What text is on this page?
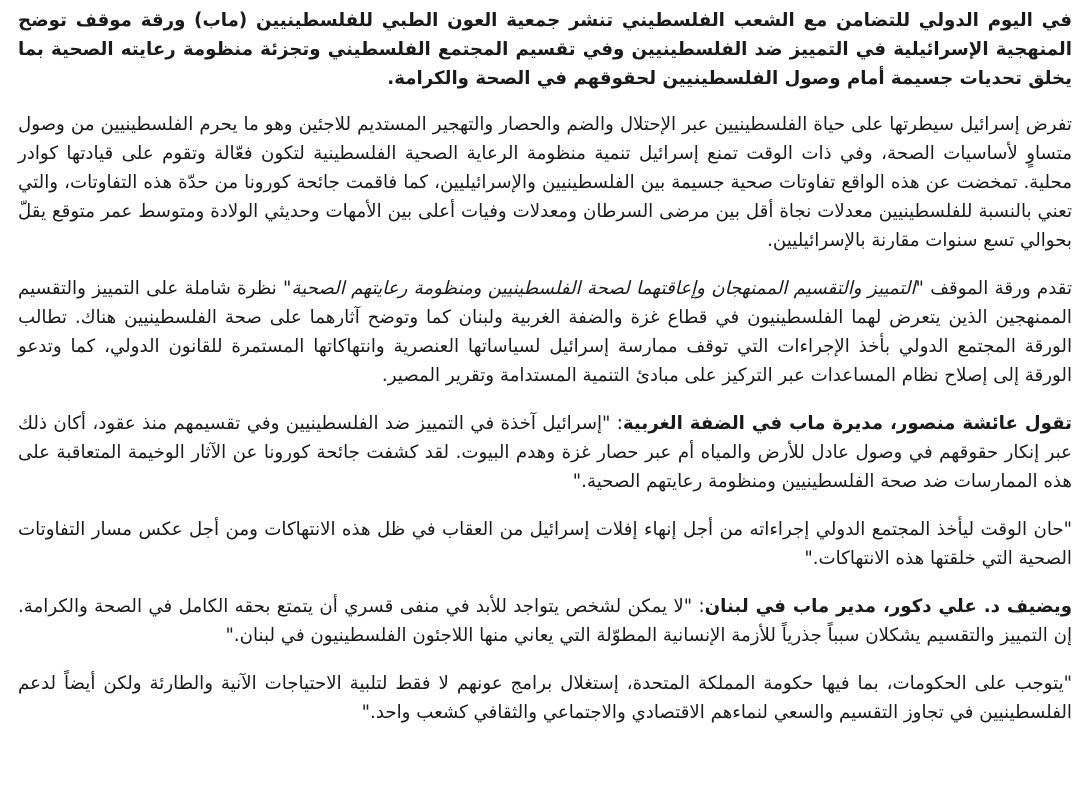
في اليوم الدولي للتضامن مع الشعب الفلسطيني تنشر جمعية العون الطبي للفلسطينيين (ماب) ورقة موقف توضح المنهجية الإسرائيلية في التمييز ضد الفلسطينيين وفي تقسيم المجتمع الفلسطيني وتجزئة منظومة رعايته الصحية بما يخلق تحديات جسيمة أمام وصول الفلسطينيين لحقوقهم في الصحة والكرامة.

تفرض إسرائيل سيطرتها على حياة الفلسطينيين عبر الإحتلال والضم والحصار والتهجير المستديم للاجئين وهو ما يحرم الفلسطينيين من وصول متساوٍ لأساسيات الصحة، وفي ذات الوقت تمنع إسرائيل تنمية منظومة الرعاية الصحية الفلسطينية لتكون فعّالة وتقوم على قيادتها كوادر محلية. تمخضت عن هذه الواقع تفاوتات صحية جسيمة بين الفلسطينيين والإسرائيليين، كما فاقمت جائحة كورونا من حدّة هذه التفاوتات، والتي تعني بالنسبة للفلسطينيين معدلات نجاة أقل بين مرضى السرطان ومعدلات وفيات أعلى بين الأمهات وحديثي الولادة ومتوسط عمر متوقع يقلّ بحوالي تسع سنوات مقارنة بالإسرائيليين.

تقدم ورقة الموقف "التمييز والتقسيم الممنهجان وإعاقتهما لصحة الفلسطينيين ومنظومة رعايتهم الصحية" نظرة شاملة على التمييز والتقسيم الممنهجين الذين يتعرض لهما الفلسطينيون في قطاع غزة والضفة الغربية ولبنان كما وتوضح آثارهما على صحة الفلسطينيين هناك. تطالب الورقة المجتمع الدولي بأخذ الإجراءات التي توقف ممارسة إسرائيل لسياساتها العنصرية وانتهاكاتها المستمرة للقانون الدولي، كما وتدعو الورقة إلى إصلاح نظام المساعدات عبر التركيز على مبادئ التنمية المستدامة وتقرير المصير.

تقول عائشة منصور، مديرة ماب في الضفة الغربية: "إسرائيل آخذة في التمييز ضد الفلسطينيين وفي تقسيمهم منذ عقود، أكان ذلك عبر إنكار حقوقهم في وصول عادل للأرض والمياه أم عبر حصار غزة وهدم البيوت. لقد كشفت جائحة كورونا عن الآثار الوخيمة المتعاقبة على هذه الممارسات ضد صحة الفلسطينيين ومنظومة رعايتهم الصحية."

"حان الوقت ليأخذ المجتمع الدولي إجراءاته من أجل إنهاء إفلات إسرائيل من العقاب في ظل هذه الانتهاكات ومن أجل عكس مسار التفاوتات الصحية التي خلقتها هذه الانتهاكات."

ويضيف د. علي دكور، مدير ماب في لبنان: "لا يمكن لشخص يتواجد للأبد في منفى قسري أن يتمتع بحقه الكامل في الصحة والكرامة. إن التمييز والتقسيم يشكلان سبباً جذرياً للأزمة الإنسانية المطوّلة التي يعاني منها اللاجئون الفلسطينيون في لبنان."

"يتوجب على الحكومات، بما فيها حكومة المملكة المتحدة، إستغلال برامج عونهم لا فقط لتلبية الاحتياجات الآنية والطارئة ولكن أيضاً لدعم الفلسطينيين في تجاوز التقسيم والسعي لنماءهم الاقتصادي والاجتماعي والثقافي كشعب واحد."
